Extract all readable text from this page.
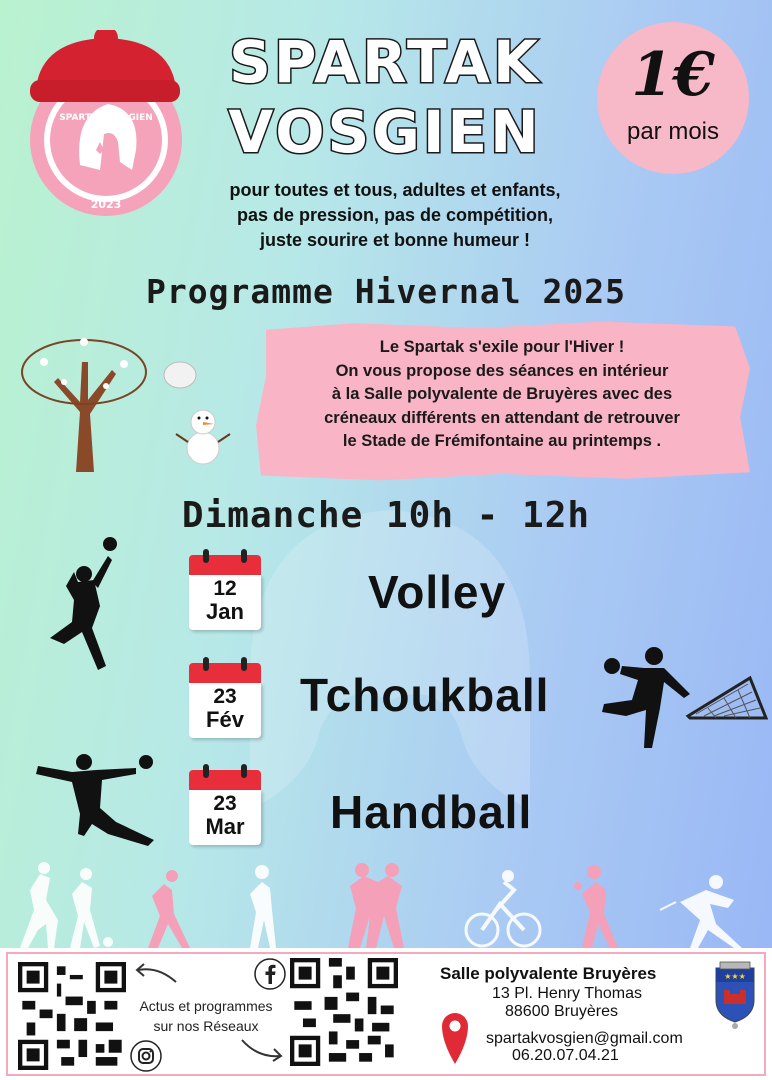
2023
SPARTAK VOSGIEN
SPARTAK
VOSGIEN
1€
par mois
pour toutes et tous, adultes et enfants,
pas de pression, pas de compétition,
juste sourire et bonne humeur !
Programme Hivernal 2025
Le Spartak s'exile pour l'Hiver !
On vous propose des séances en intérieur
à la Salle polyvalente de Bruyères avec des
créneaux différents en attendant de retrouver
le Stade de Frémifontaine au printemps .
Dimanche 10h - 12h
12
Jan
23
Fév
23
Mar
Volley
Tchoukball
Handball
Actus et programmes
sur nos Réseaux
Salle polyvalente Bruyères
13 Pl. Henry Thomas
88600 Bruyères
spartakvosgien@gmail.com
06.20.07.04.21
★★★
